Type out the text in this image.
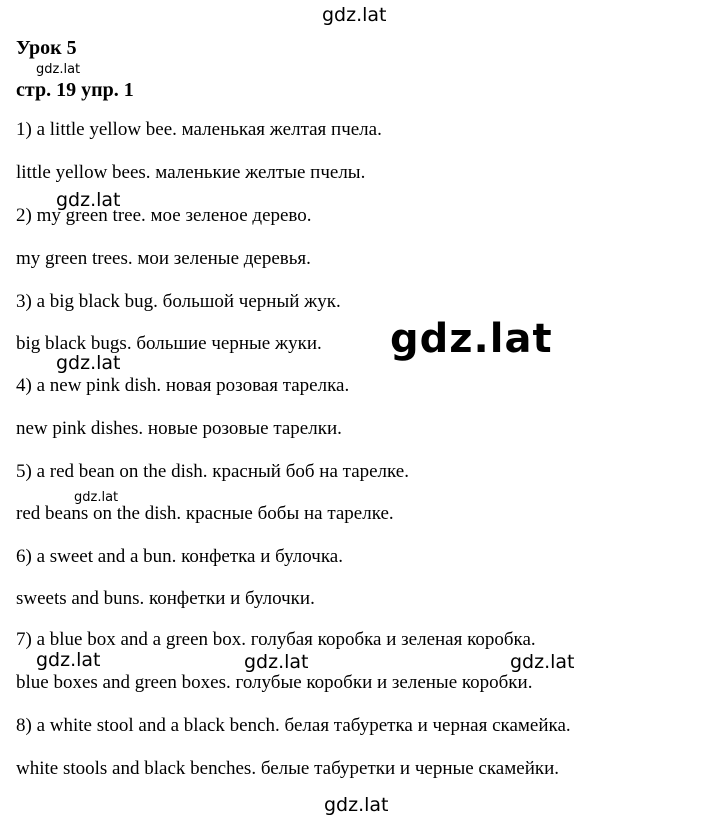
gdz.lat
Урок 5
gdz.lat
стр. 19 упр. 1
1) a little yellow bee. маленькая желтая пчела.
little yellow bees. маленькие желтые пчелы.
gdz.lat
2) my green tree. мое зеленое дерево.
my green trees. мои зеленые деревья.
3) a big black bug. большой черный жук.
big black bugs. большие черные жуки. gdz.lat
gdz.lat
4) a new pink dish. новая розовая тарелка.
new pink dishes. новые розовые тарелки.
5) a red bean on the dish. красный боб на тарелке.
gdz.lat
red beans on the dish. красные бобы на тарелке.
6) a sweet and a bun. конфетка и булочка.
sweets and buns. конфетки и булочки.
7) a blue box and a green box. голубая коробка и зеленая коробка.
gdz.lat	gdz.lat	gdz.lat
blue boxes and green boxes. голубые коробки и зеленые коробки.
8) a white stool and a black bench. белая табуретка и черная скамейка.
white stools and black benches. белые табуретки и черные скамейки.
gdz.lat
